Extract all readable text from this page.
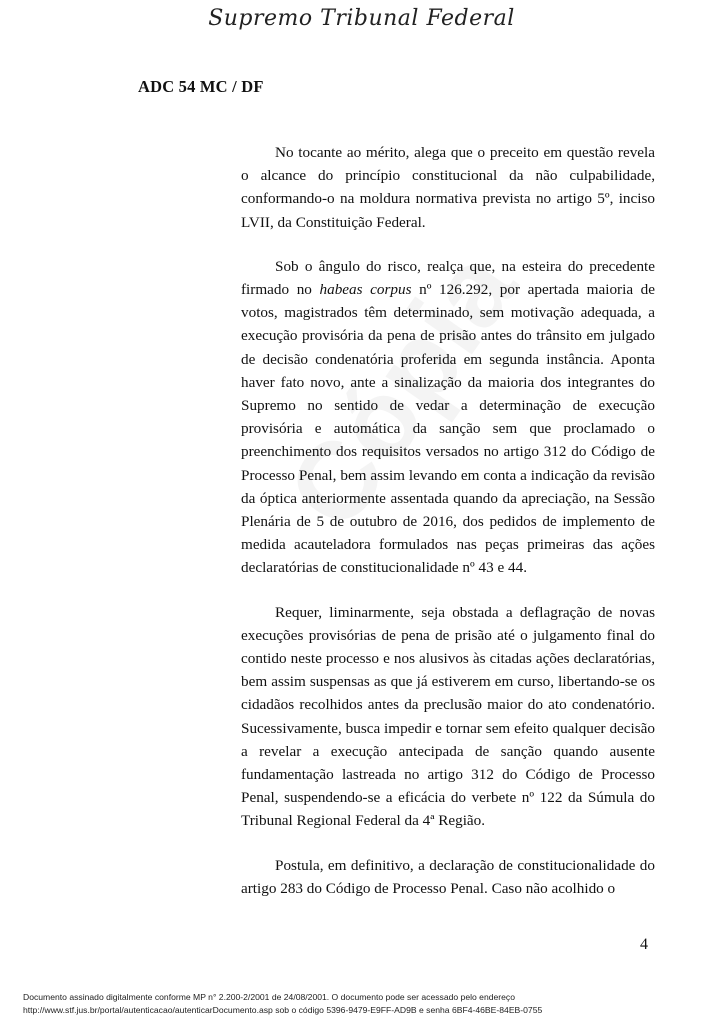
Supremo Tribunal Federal
ADC 54 MC / DF

No tocante ao mérito, alega que o preceito em questão revela o alcance do princípio constitucional da não culpabilidade, conformando-o na moldura normativa prevista no artigo 5º, inciso LVII, da Constituição Federal.

Sob o ângulo do risco, realça que, na esteira do precedente firmado no habeas corpus nº 126.292, por apertada maioria de votos, magistrados têm determinado, sem motivação adequada, a execução provisória da pena de prisão antes do trânsito em julgado de decisão condenatória proferida em segunda instância. Aponta haver fato novo, ante a sinalização da maioria dos integrantes do Supremo no sentido de vedar a determinação de execução provisória e automática da sanção sem que proclamado o preenchimento dos requisitos versados no artigo 312 do Código de Processo Penal, bem assim levando em conta a indicação da revisão da óptica anteriormente assentada quando da apreciação, na Sessão Plenária de 5 de outubro de 2016, dos pedidos de implemento de medida acauteladora formulados nas peças primeiras das ações declaratórias de constitucionalidade nº 43 e 44.

Requer, liminarmente, seja obstada a deflagração de novas execuções provisórias de pena de prisão até o julgamento final do contido neste processo e nos alusivos às citadas ações declaratórias, bem assim suspensas as que já estiverem em curso, libertando-se os cidadãos recolhidos antes da preclusão maior do ato condenatório. Sucessivamente, busca impedir e tornar sem efeito qualquer decisão a revelar a execução antecipada de sanção quando ausente fundamentação lastreada no artigo 312 do Código de Processo Penal, suspendendo-se a eficácia do verbete nº 122 da Súmula do Tribunal Regional Federal da 4ª Região.

Postula, em definitivo, a declaração de constitucionalidade do artigo 283 do Código de Processo Penal. Caso não acolhido o

4
Documento assinado digitalmente conforme MP n° 2.200-2/2001 de 24/08/2001. O documento pode ser acessado pelo endereço
http://www.stf.jus.br/portal/autenticacao/autenticarDocumento.asp sob o código 5396-9479-E9FF-AD9B e senha 6BF4-46BE-84EB-0755
